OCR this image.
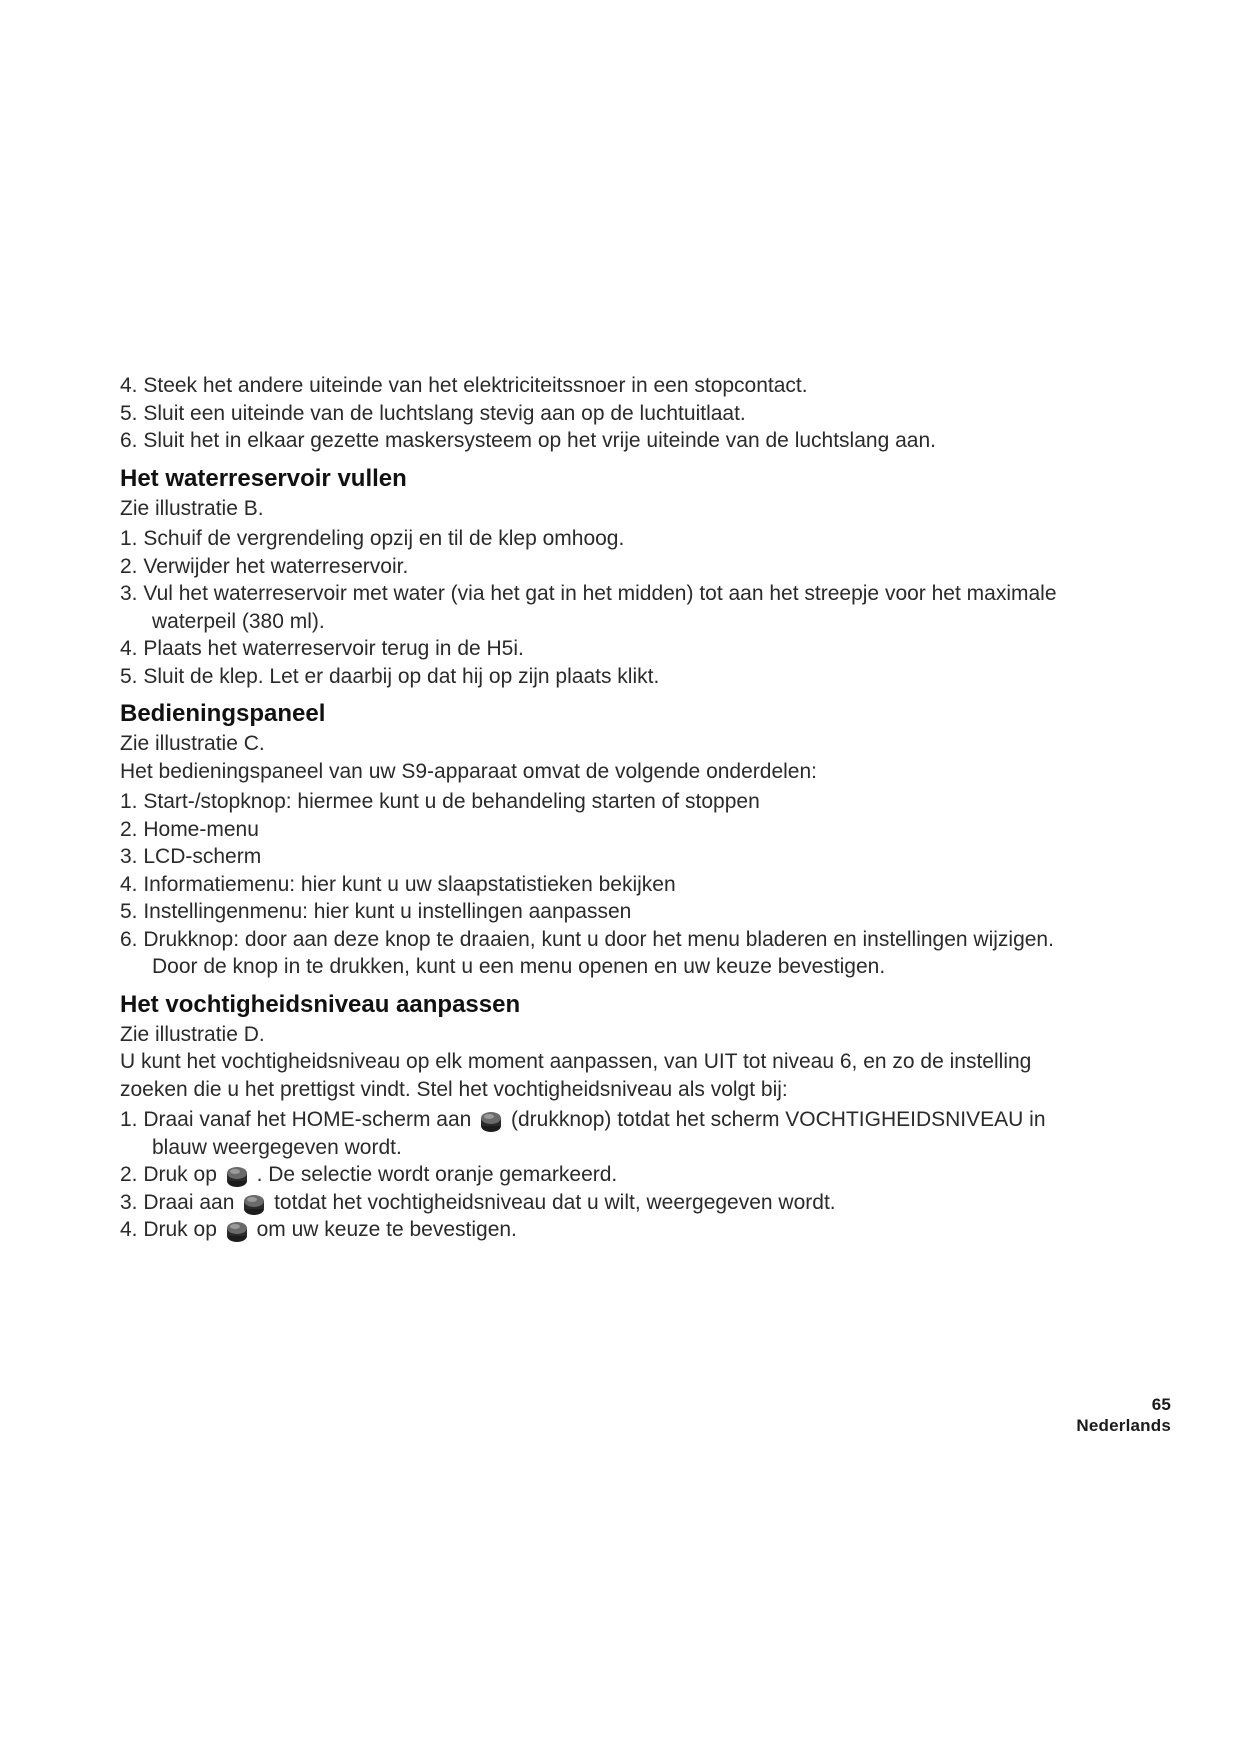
4. Steek het andere uiteinde van het elektriciteitssnoer in een stopcontact.
5. Sluit een uiteinde van de luchtslang stevig aan op de luchtuitlaat.
6. Sluit het in elkaar gezette maskersysteem op het vrije uiteinde van de luchtslang aan.
Het waterreservoir vullen
Zie illustratie B.
1. Schuif de vergrendeling opzij en til de klep omhoog.
2. Verwijder het waterreservoir.
3. Vul het waterreservoir met water (via het gat in het midden) tot aan het streepje voor het maximale
waterpeil (380 ml).
4. Plaats het waterreservoir terug in de H5i.
5. Sluit de klep. Let er daarbij op dat hij op zijn plaats klikt.
Bedieningspaneel
Zie illustratie C.
Het bedieningspaneel van uw S9-apparaat omvat de volgende onderdelen:
1. Start-/stopknop: hiermee kunt u de behandeling starten of stoppen
2. Home-menu
3. LCD-scherm
4. Informatiemenu: hier kunt u uw slaapstatistieken bekijken
5. Instellingenmenu: hier kunt u instellingen aanpassen
6. Drukknop: door aan deze knop te draaien, kunt u door het menu bladeren en instellingen wijzigen.
Door de knop in te drukken, kunt u een menu openen en uw keuze bevestigen.
Het vochtigheidsniveau aanpassen
Zie illustratie D.
U kunt het vochtigheidsniveau op elk moment aanpassen, van UIT tot niveau 6, en zo de instelling
zoeken die u het prettigst vindt. Stel het vochtigheidsniveau als volgt bij:
1. Draai vanaf het HOME-scherm aan (drukknop) totdat het scherm VOCHTIGHEIDSNIVEAU in
blauw weergegeven wordt.
2. Druk op . De selectie wordt oranje gemarkeerd.
3. Draai aan totdat het vochtigheidsniveau dat u wilt, weergegeven wordt.
4. Druk op om uw keuze te bevestigen.
65
Nederlands
